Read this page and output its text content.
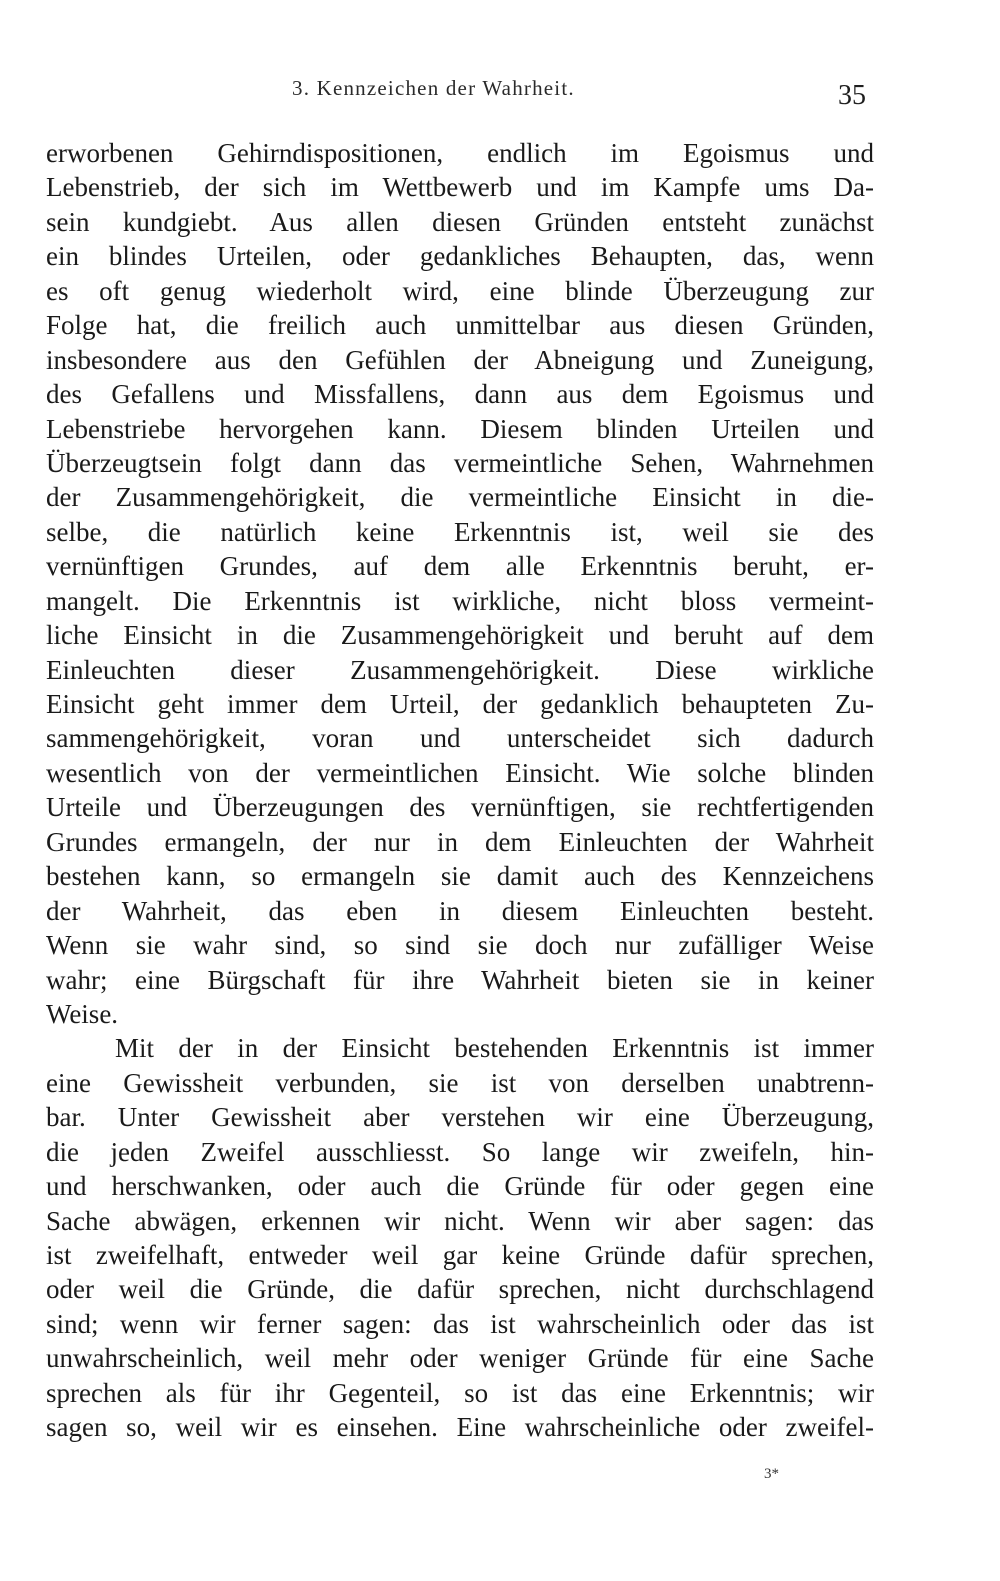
3. Kennzeichen der Wahrheit.	35
erworbenen Gehirndispositionen, endlich im Egoismus und
Lebenstrieb, der sich im Wettbewerb und im Kampfe ums Da-
sein kundgiebt. Aus allen diesen Gründen entsteht zunächst
ein blindes Urteilen, oder gedankliches Behaupten, das, wenn
es oft genug wiederholt wird, eine blinde Überzeugung zur
Folge hat, die freilich auch unmittelbar aus diesen Gründen,
insbesondere aus den Gefühlen der Abneigung und Zuneigung,
des Gefallens und Missfallens, dann aus dem Egoismus und
Lebenstriebe hervorgehen kann. Diesem blinden Urteilen und
Überzeugtsein folgt dann das vermeintliche Sehen, Wahrnehmen
der Zusammengehörigkeit, die vermeintliche Einsicht in die-
selbe, die natürlich keine Erkenntnis ist, weil sie des
vernünftigen Grundes, auf dem alle Erkenntnis beruht, er-
mangelt. Die Erkenntnis ist wirkliche, nicht bloss vermeint-
liche Einsicht in die Zusammengehörigkeit und beruht auf dem
Einleuchten dieser Zusammengehörigkeit. Diese wirkliche
Einsicht geht immer dem Urteil, der gedanklich behaupteten Zu-
sammengehörigkeit, voran und unterscheidet sich dadurch
wesentlich von der vermeintlichen Einsicht. Wie solche blinden
Urteile und Überzeugungen des vernünftigen, sie rechtfertigenden
Grundes ermangeln, der nur in dem Einleuchten der Wahrheit
bestehen kann, so ermangeln sie damit auch des Kennzeichens
der Wahrheit, das eben in diesem Einleuchten besteht.
Wenn sie wahr sind, so sind sie doch nur zufälliger Weise
wahr; eine Bürgschaft für ihre Wahrheit bieten sie in keiner
Weise.
Mit der in der Einsicht bestehenden Erkenntnis ist immer
eine Gewissheit verbunden, sie ist von derselben unabtrenn-
bar. Unter Gewissheit aber verstehen wir eine Überzeugung,
die jeden Zweifel ausschliesst. So lange wir zweifeln, hin-
und herschwanken, oder auch die Gründe für oder gegen eine
Sache abwägen, erkennen wir nicht. Wenn wir aber sagen: das
ist zweifelhaft, entweder weil gar keine Gründe dafür sprechen,
oder weil die Gründe, die dafür sprechen, nicht durchschlagend
sind; wenn wir ferner sagen: das ist wahrscheinlich oder das ist
unwahrscheinlich, weil mehr oder weniger Gründe für eine Sache
sprechen als für ihr Gegenteil, so ist das eine Erkenntnis; wir
sagen so, weil wir es einsehen. Eine wahrscheinliche oder zweifel-
3*
